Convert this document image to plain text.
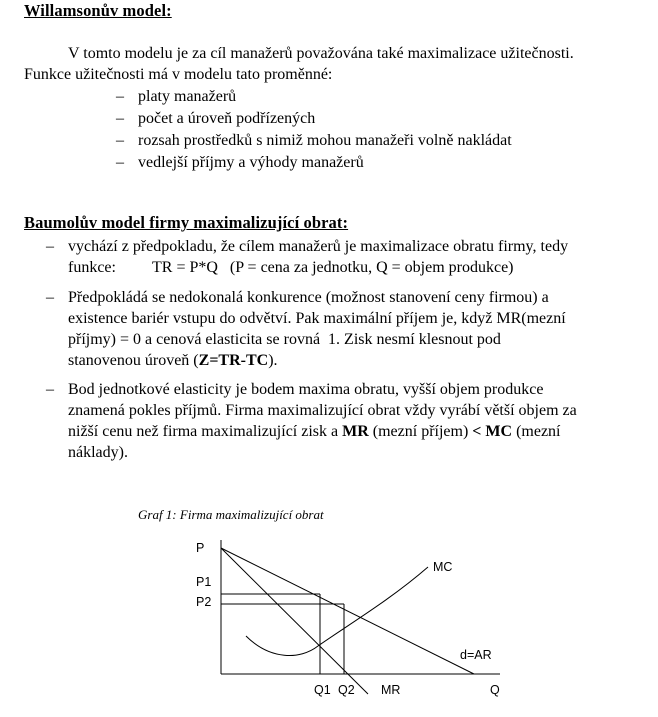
Willamsonův model:

V tomto modelu je za cíl manažerů považována také maximalizace užitečnosti.

Funkce užitečnosti má v modelu tato proměnné:

– platy manažerů
– počet a úroveň podřízených
– rozsah prostředků s nimiž mohou manažeři volně nakládat
– vedlejší příjmy a výhody manažerů
Baumolův model firmy maximalizující obrat:
– vychází z předpokladu, že cílem manažerů je maximalizace obratu firmy, tedy
funkce: TR = P*Q   (P = cena za jednotku, Q = objem produkce)
– Předpokládá se nedokonalá konkurence (možnost stanovení ceny firmou) a
existence bariér vstupu do odvětví. Pak maximální příjem je, když MR(mezní
příjmy) = 0 a cenová elasticita se rovná  1. Zisk nesmí klesnout pod
stanovenou úroveň (Z=TR-TC).
– Bod jednotkové elasticity je bodem maxima obratu, vyšší objem produkce
znamená pokles příjmů. Firma maximalizující obrat vždy vyrábí větší objem za
nižší cenu než firma maximalizující zisk a MR (mezní příjem) < MC (mezní
náklady).
Graf 1: Firma maximalizující obrat
P
P1
P2
MC
d=AR
Q1 Q2 MR	Q
